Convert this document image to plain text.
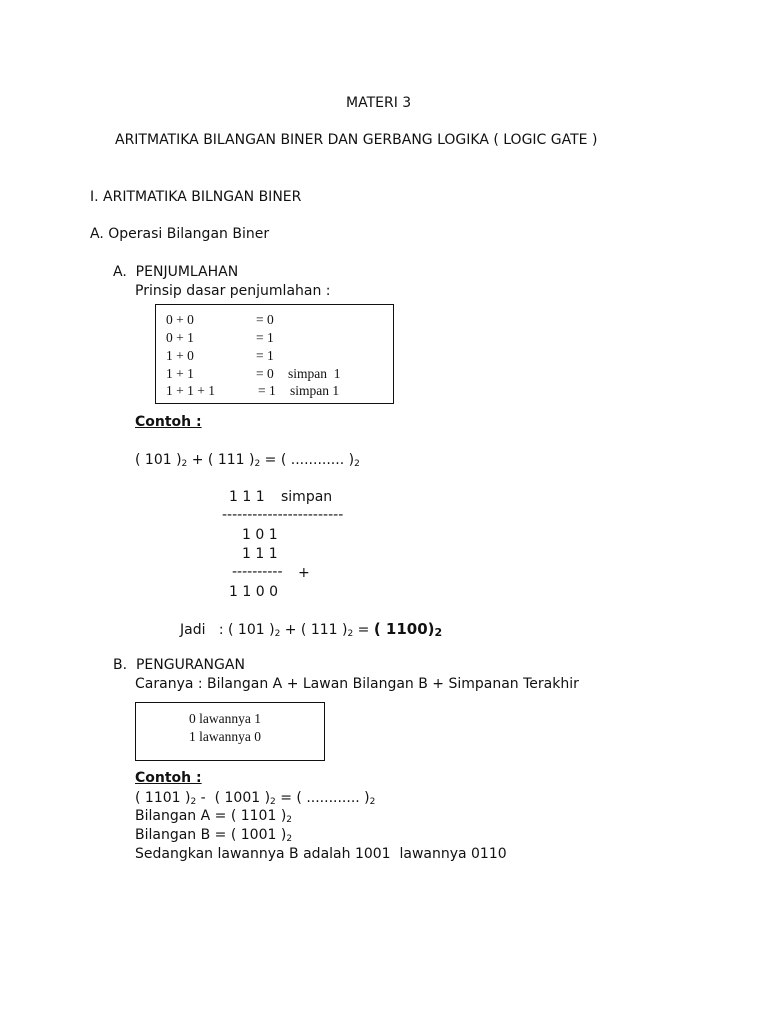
MATERI 3
ARITMATIKA BILANGAN BINER DAN GERBANG LOGIKA ( LOGIC GATE )
I. ARITMATIKA BILNGAN BINER
A. Operasi Bilangan Biner
A.  PENJUMLAHAN
Prinsip dasar penjumlahan :
0 + 0	= 0
0 + 1	= 1
1 + 0	= 1
1 + 1	= 0 simpan  1
1 + 1 + 1	= 1 simpan 1
Contoh :
( 101 )$_2$ + ( 111 )$_2$ = ( ............ )$_2$
1 1 1 simpan
------------------------
1 0 1
1 1 1
---------- +
1 1 0 0
Jadi   : ( 101 )$_2$ + ( 111 )$_2$ = ( $1100)_2$
B.  PENGURANGAN
Caranya : Bilangan A + Lawan Bilangan B + Simpanan Terakhir
0 lawannya 1
1 lawannya 0
Contoh :
( 1101 )$_2$ -  ( 1001 )$_2$ = ( ............ )$_2$
Bilangan A = ( 1101 )$_2$
Bilangan B = ( 1001 )$_2$
Sedangkan lawannya B adalah 1001  lawannya 0110
